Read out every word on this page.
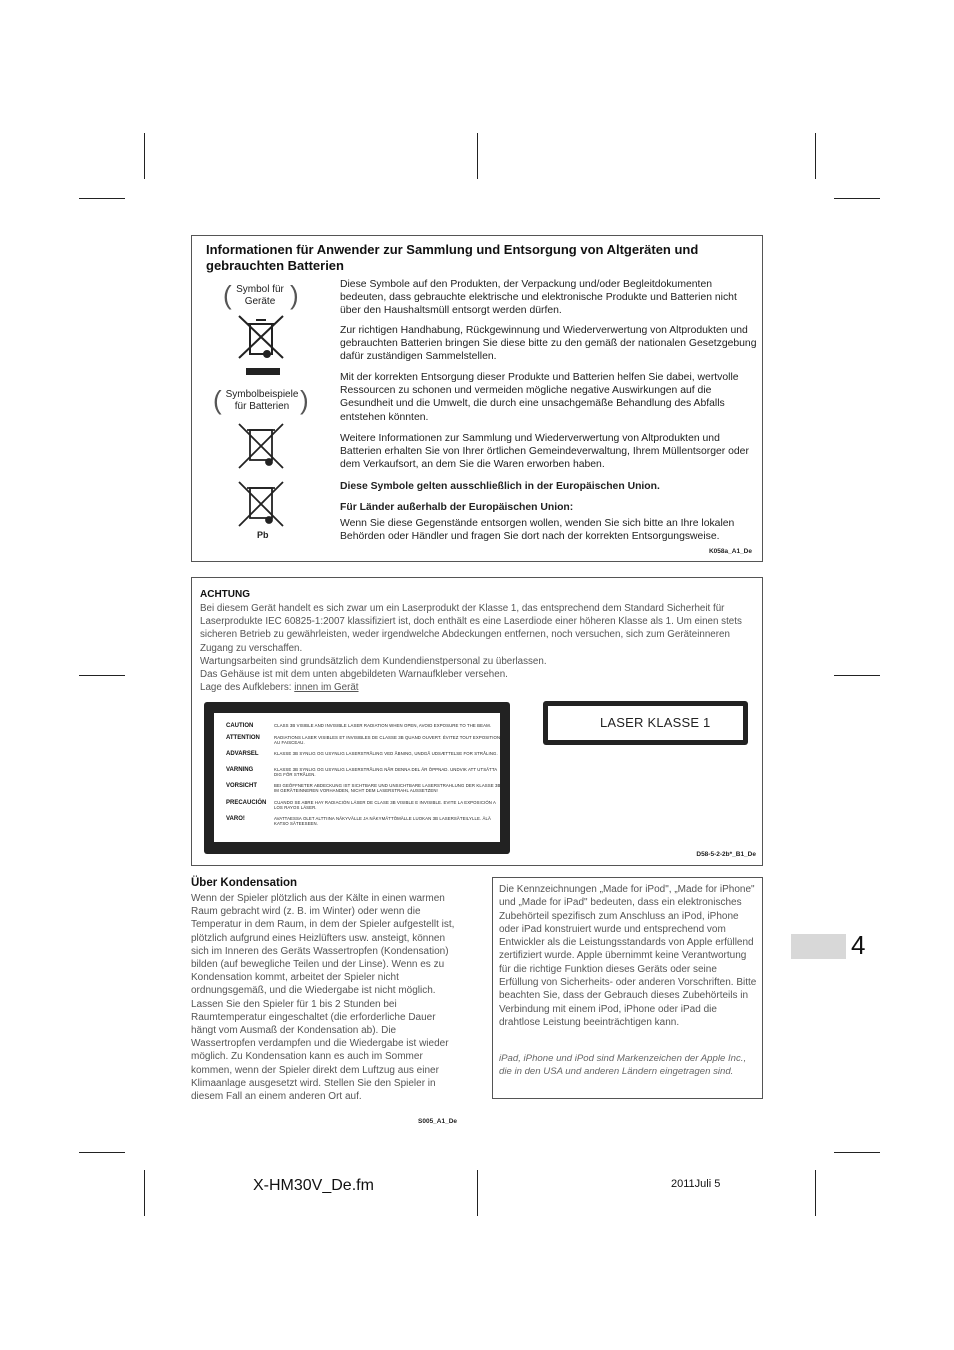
Informationen für Anwender zur Sammlung und Entsorgung von Altgeräten und gebrauchten Batterien
( Symbol für
Geräte )
( Symbolbeispiele
für Batterien )
Pb
Diese Symbole auf den Produkten, der Verpackung und/oder Begleitdokumenten bedeuten, dass gebrauchte elektrische und elektronische Produkte und Batterien nicht über den Haushaltsmüll entsorgt werden dürfen.
Zur richtigen Handhabung, Rückgewinnung und Wiederverwertung von Altprodukten und gebrauchten Batterien bringen Sie diese bitte zu den gemäß der nationalen Gesetzgebung dafür zuständigen Sammelstellen.
Mit der korrekten Entsorgung dieser Produkte und Batterien helfen Sie dabei, wertvolle Ressourcen zu schonen und vermeiden mögliche negative Auswirkungen auf die Gesundheit und die Umwelt, die durch eine unsachgemäße Behandlung des Abfalls entstehen könnten.
Weitere Informationen zur Sammlung und Wiederverwertung von Altprodukten und Batterien erhalten Sie von Ihrer örtlichen Gemeindeverwaltung, Ihrem Müllentsorger oder dem Verkaufsort, an dem Sie die Waren erworben haben.
Diese Symbole gelten ausschließlich in der Europäischen Union.
Für Länder außerhalb der Europäischen Union:
Wenn Sie diese Gegenstände entsorgen wollen, wenden Sie sich bitte an Ihre lokalen Behörden oder Händler und fragen Sie dort nach der korrekten Entsorgungsweise.
K058a_A1_De
ACHTUNG

Bei diesem Gerät handelt es sich zwar um ein Laserprodukt der Klasse 1, das entsprechend dem Standard Sicherheit für Laserprodukte IEC 60825-1:2007 klassifiziert ist, doch enthält es eine Laserdiode einer höheren Klasse als 1. Um einen stets sicheren Betrieb zu gewährleisten, weder irgendwelche Abdeckungen entfernen, noch versuchen, sich zum Geräteinneren Zugang zu verschaffen.

Wartungsarbeiten sind grundsätzlich dem Kundendienstpersonal zu überlassen.

Das Gehäuse ist mit dem unten abgebildeten Warnaufkleber versehen.

Lage des Aufklebers: innen im Gerät

CAUTION	CLASS 3B VISIBLE AND INVISIBLE LASER RADIATION WHEN OPEN, AVOID EXPOSURE TO THE BEAM.
ATTENTION	RADIATIONS LASER VISIBLES ET INVISIBLES DE CLASSE 3B QUAND OUVERT. ÉVITEZ TOUT EXPOSITION AU FAISCEAU.
ADVARSEL	KLASSE 3B SYNLIG OG USYNLIG LASERSTRÅLING VED ÅBNING, UNDGÅ UDSÆTTELSE FOR STRÅLING.
VARNING	KLASSE 3B SYNLIG OG USYNLIG LASERSTRÅLING NÅR DENNA DEL ÄR ÖPPNAD. UNDVIK ATT UTSÄTTA DIG FÖR STRÅLEN.
VORSICHT	BEI GEÖFFNETER ABDECKUNG IST SICHTBARE UND UNSICHTBARE LASERSTRAHLUNG DER KLASSE 3B IM GERÄTEINNEREN VORHANDEN, NICHT DEM LASERSTRAHL AUSSETZEN!
PRECAUCIÓN CUANDO SE ABRE HAY RADIACIÓN LÁSER DE CLASE 3B VISIBLE E INVISIBLE. EVITE LA EXPOSICIÓN A LOS RAYOS LÁSER.
VARO!	AVATTAESSA OLET ALTTIINA NÄKYVÄLLE JA NÄKYMÄTTÖMÄLLE LUOKAN 3B LASERSÄTEILYLLE. ÄLÄ KATSO SÄTEESEEN.
LASER KLASSE 1
D58-5-2-2b*_B1_De
Über Kondensation
Wenn der Spieler plötzlich aus der Kälte in einen warmen Raum gebracht wird (z. B. im Winter) oder wenn die Temperatur in dem Raum, in dem der Spieler aufgestellt ist, plötzlich aufgrund eines Heizlüfters usw. ansteigt, können sich im Inneren des Geräts Wassertropfen (Kondensation) bilden (auf bewegliche Teilen und der Linse). Wenn es zu Kondensation kommt, arbeitet der Spieler nicht ordnungsgemäß, und die Wiedergabe ist nicht möglich. Lassen Sie den Spieler für 1 bis 2 Stunden bei Raumtemperatur eingeschaltet (die erforderliche Dauer hängt vom Ausmaß der Kondensation ab). Die Wassertropfen verdampfen und die Wiedergabe ist wieder möglich. Zu Kondensation kann es auch im Sommer kommen, wenn der Spieler direkt dem Luftzug aus einer Klimaanlage ausgesetzt wird. Stellen Sie den Spieler in diesem Fall an einem anderen Ort auf.
S005_A1_De
Die Kennzeichnungen „Made for iPod", „Made for iPhone" und „Made for iPad" bedeuten, dass ein elektronisches Zubehörteil spezifisch zum Anschluss an iPod, iPhone oder iPad konstruiert wurde und entsprechend vom Entwickler als die Leistungsstandards von Apple erfüllend zertifiziert wurde. Apple übernimmt keine Verantwortung für die richtige Funktion dieses Geräts oder seine Erfüllung von Sicherheits- oder anderen Vorschriften. Bitte beachten Sie, dass der Gebrauch dieses Zubehörteils in Verbindung mit einem iPod, iPhone oder iPad die drahtlose Leistung beeinträchtigen kann.
iPad, iPhone und iPod sind Markenzeichen der Apple Inc., die in den USA und anderen Ländern eingetragen sind.
4
X-HM30V_De.fm	2011Juli 5
